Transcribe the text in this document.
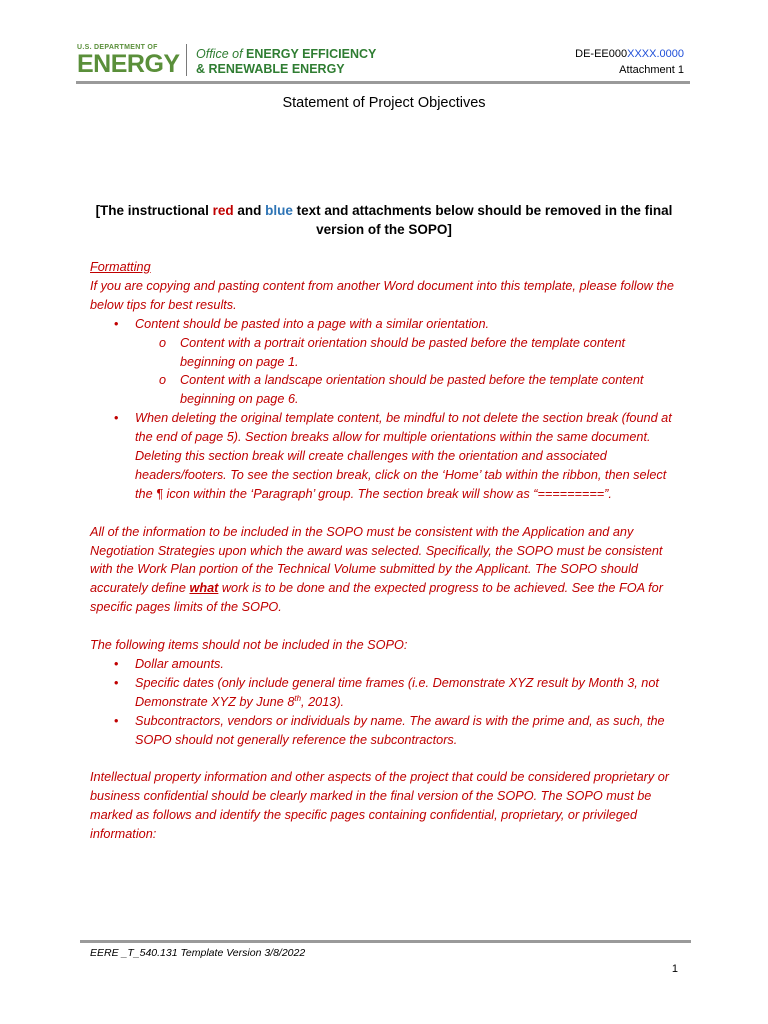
U.S. DEPARTMENT OF
ENERGY Office of ENERGY EFFICIENCY
& RENEWABLE ENERGY
DE-EE000XXXX.0000
Attachment 1
Statement of Project Objectives
[The instructional red and blue text and attachments below should be removed in the final version of the SOPO]

Formatting

If you are copying and pasting content from another Word document into this template, please follow the below tips for best results.

• Content should be pasted into a page with a similar orientation.
o Content with a portrait orientation should be pasted before the template content beginning on page 1.
o Content with a landscape orientation should be pasted before the template content beginning on page 6.
• When deleting the original template content, be mindful to not delete the section break (found at the end of page 5). Section breaks allow for multiple orientations within the same document. Deleting this section break will create challenges with the orientation and associated headers/footers. To see the section break, click on the ‘Home’ tab within the ribbon, then select the ¶ icon within the ‘Paragraph’ group. The section break will show as “=========”.

All of the information to be included in the SOPO must be consistent with the Application and any Negotiation Strategies upon which the award was selected. Specifically, the SOPO must be consistent with the Work Plan portion of the Technical Volume submitted by the Applicant. The SOPO should accurately define what work is to be done and the expected progress to be achieved. See the FOA for specific pages limits of the SOPO.

The following items should not be included in the SOPO:

• Dollar amounts.
• Specific dates (only include general time frames (i.e. Demonstrate XYZ result by Month 3, not Demonstrate XYZ by June 8th, 2013).
• Subcontractors, vendors or individuals by name. The award is with the prime and, as such, the SOPO should not generally reference the subcontractors.

Intellectual property information and other aspects of the project that could be considered proprietary or business confidential should be clearly marked in the final version of the SOPO. The SOPO must be marked as follows and identify the specific pages containing confidential, proprietary, or privileged information:

EERE _T_540.131 Template Version 3/8/2022
1
